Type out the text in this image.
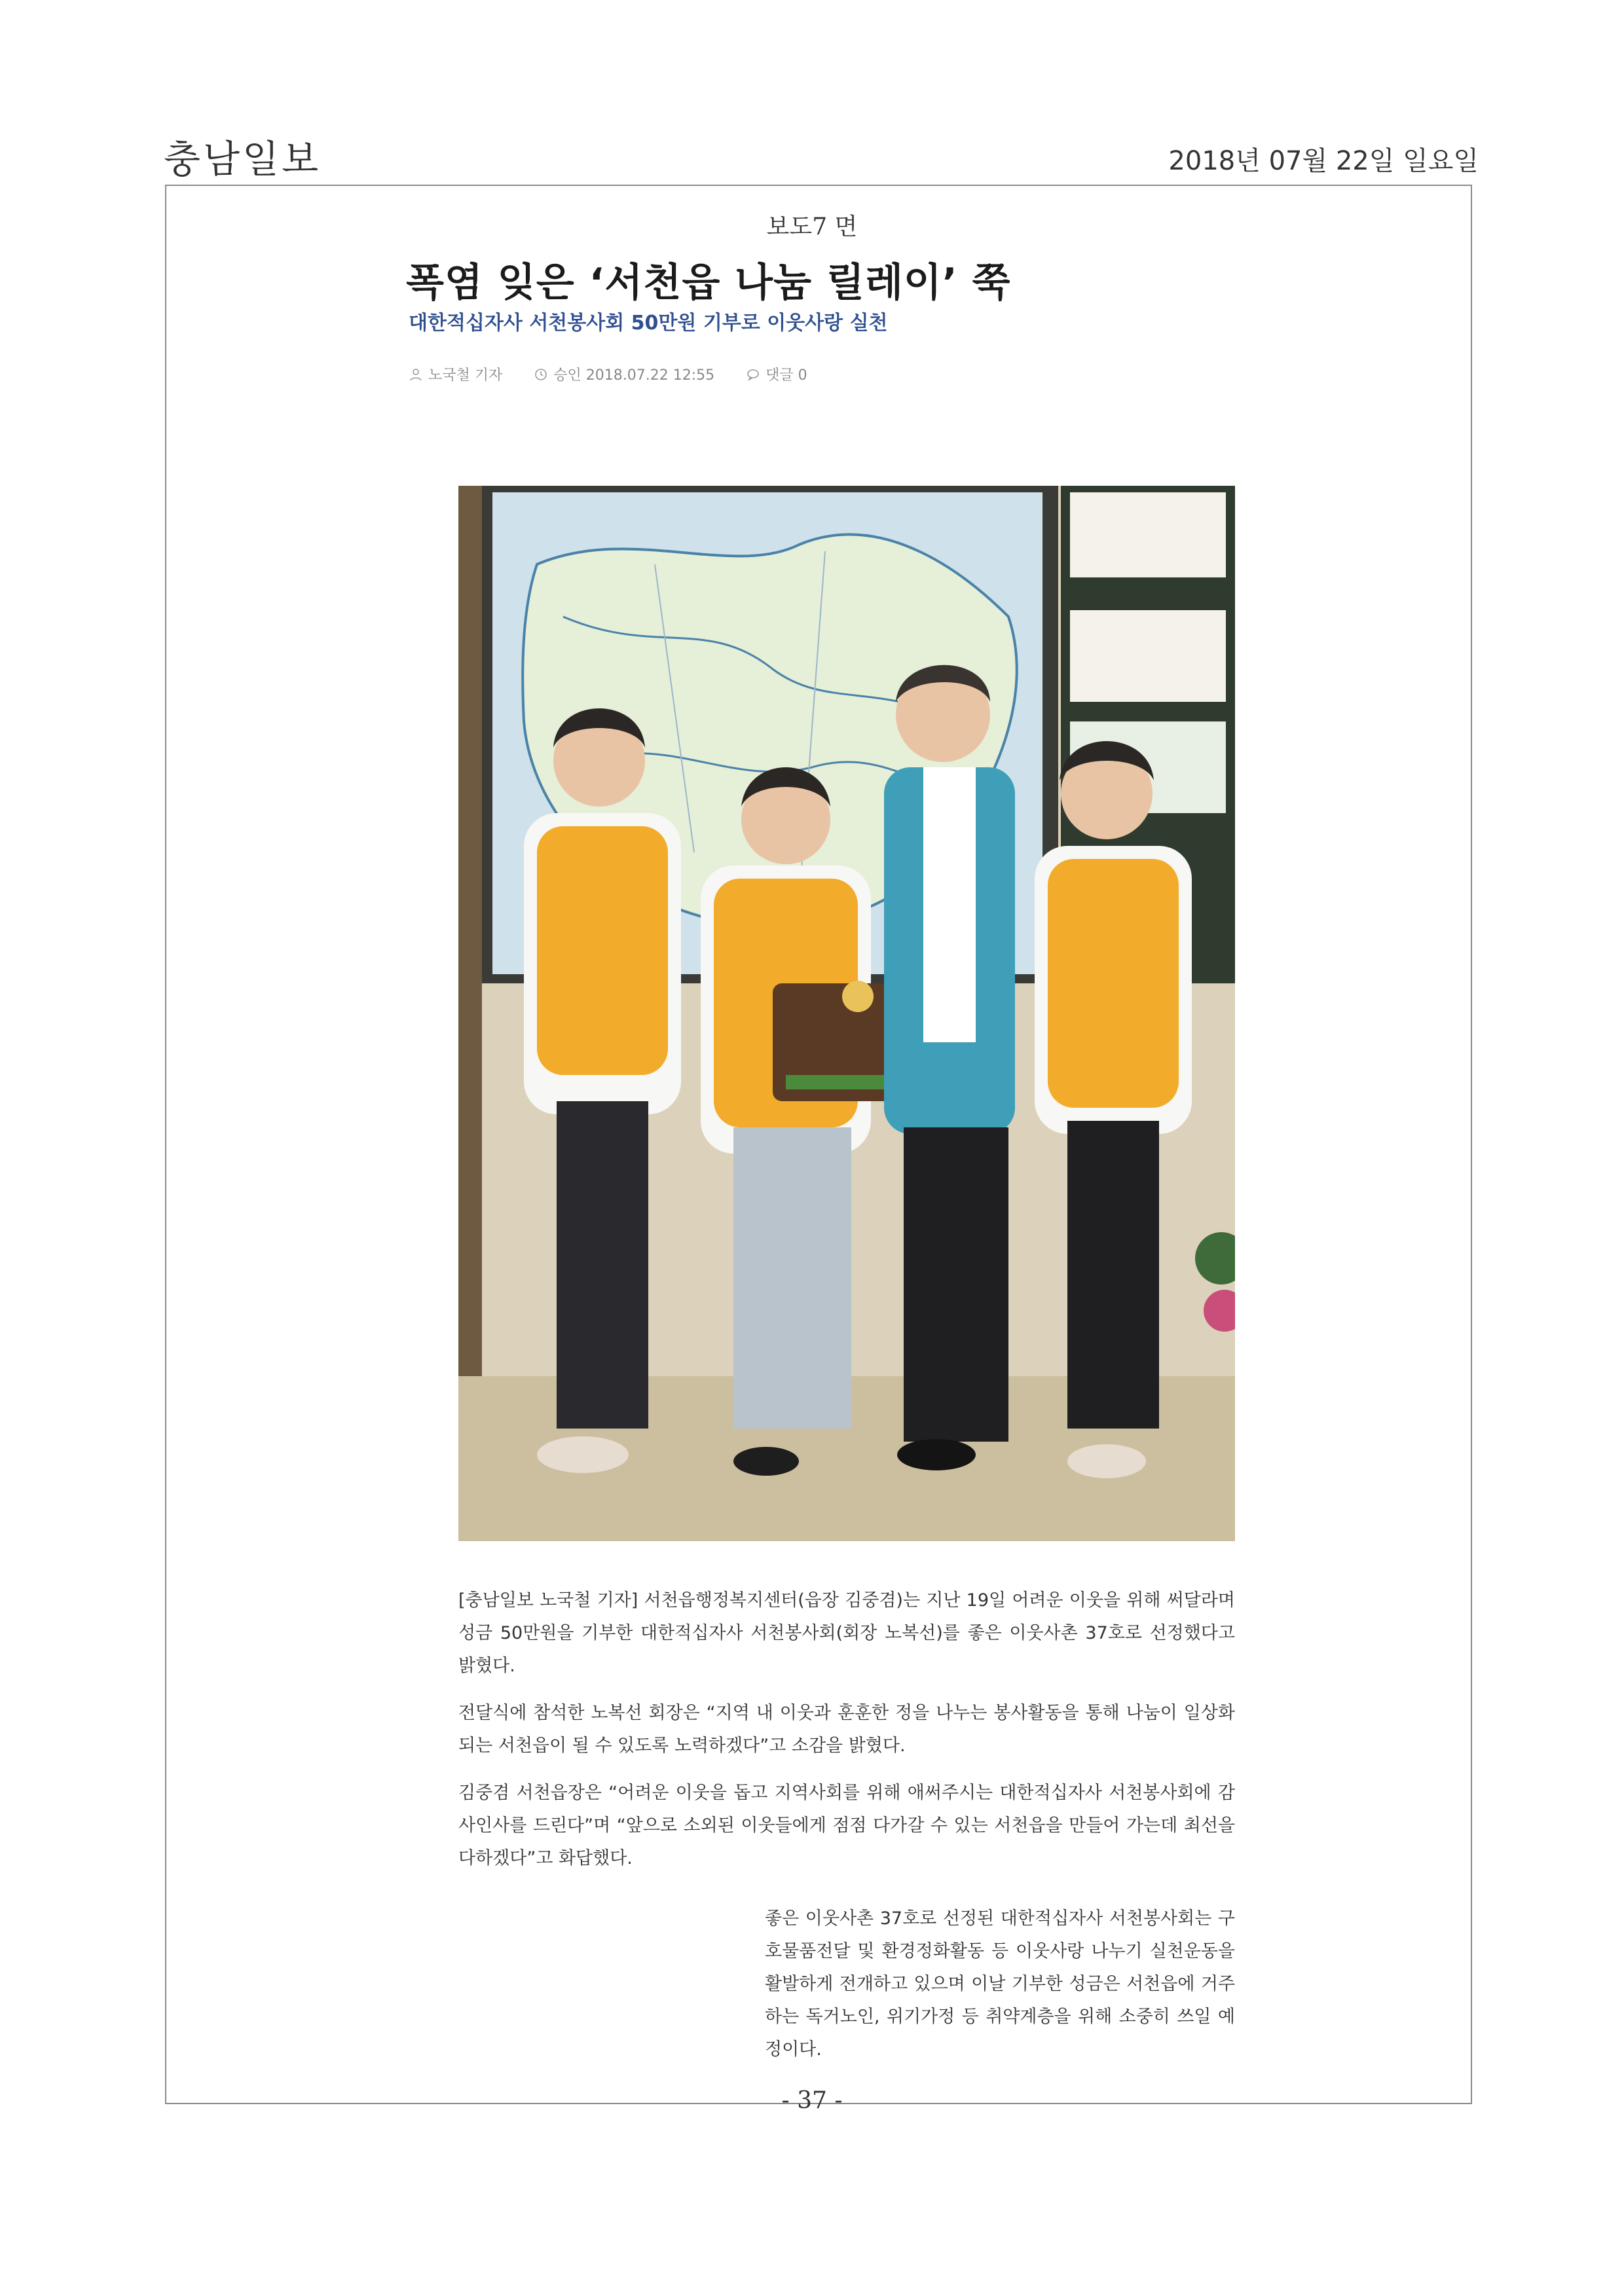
충남일보	2018년 07월 22일 일요일
보도7 면
폭염 잊은 ‘서천읍 나눔 릴레이’ 쭉
대한적십자사 서천봉사회 50만원 기부로 이웃사랑 실천
노국철 기자	승인 2018.07.22 12:55	댓글 0

[충남일보 노국철 기자] 서천읍행정복지센터(읍장 김중겸)는 지난 19일 어려운 이웃을 위해 써달라며 성금 50만원을 기부한 대한적십자사 서천봉사회(회장 노복선)를 좋은 이웃사촌 37호로 선정했다고 밝혔다.

전달식에 참석한 노복선 회장은 “지역 내 이웃과 훈훈한 정을 나누는 봉사활동을 통해 나눔이 일상화되는 서천읍이 될 수 있도록 노력하겠다”고 소감을 밝혔다.

김중겸 서천읍장은 “어려운 이웃을 돕고 지역사회를 위해 애써주시는 대한적십자사 서천봉사회에 감사인사를 드린다”며 “앞으로 소외된 이웃들에게 점점 다가갈 수 있는 서천읍을 만들어 가는데 최선을 다하겠다”고 화답했다.

좋은 이웃사촌 37호로 선정된 대한적십자사 서천봉사회는 구호물품전달 및 환경정화활동 등 이웃사랑 나누기 실천운동을 활발하게 전개하고 있으며 이날 기부한 성금은 서천읍에 거주하는 독거노인, 위기가정 등 취약계층을 위해 소중히 쓰일 예정이다.
- 37 -
